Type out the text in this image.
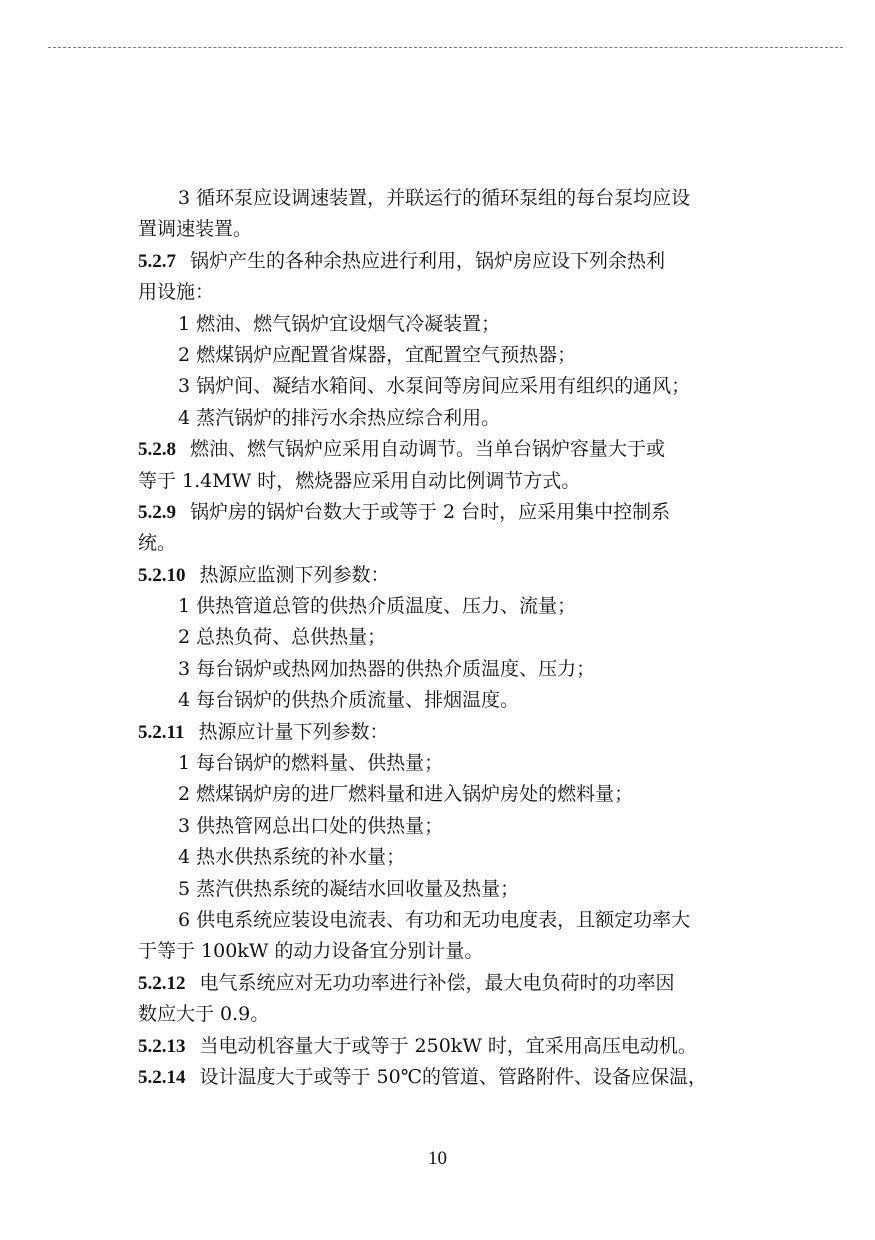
3 循环泵应设调速装置，并联运行的循环泵组的每台泵均应设
置调速装置。
5.2.7 锅炉产生的各种余热应进行利用，锅炉房应设下列余热利
用设施：
1 燃油、燃气锅炉宜设烟气冷凝装置；
2 燃煤锅炉应配置省煤器，宜配置空气预热器；
3 锅炉间、凝结水箱间、水泵间等房间应采用有组织的通风；
4 蒸汽锅炉的排污水余热应综合利用。
5.2.8 燃油、燃气锅炉应采用自动调节。当单台锅炉容量大于或
等于 1.4MW 时，燃烧器应采用自动比例调节方式。
5.2.9 锅炉房的锅炉台数大于或等于 2 台时，应采用集中控制系
统。
5.2.10 热源应监测下列参数：
1 供热管道总管的供热介质温度、压力、流量；
2 总热负荷、总供热量；
3 每台锅炉或热网加热器的供热介质温度、压力；
4 每台锅炉的供热介质流量、排烟温度。
5.2.11 热源应计量下列参数：
1 每台锅炉的燃料量、供热量；
2 燃煤锅炉房的进厂燃料量和进入锅炉房处的燃料量；
3 供热管网总出口处的供热量；
4 热水供热系统的补水量；
5 蒸汽供热系统的凝结水回收量及热量；
6 供电系统应装设电流表、有功和无功电度表，且额定功率大
于等于 100kW 的动力设备宜分别计量。
5.2.12 电气系统应对无功功率进行补偿，最大电负荷时的功率因
数应大于 0.9。
5.2.13 当电动机容量大于或等于 250kW 时，宜采用高压电动机。
5.2.14 设计温度大于或等于 50℃的管道、管路附件、设备应保温，
10
